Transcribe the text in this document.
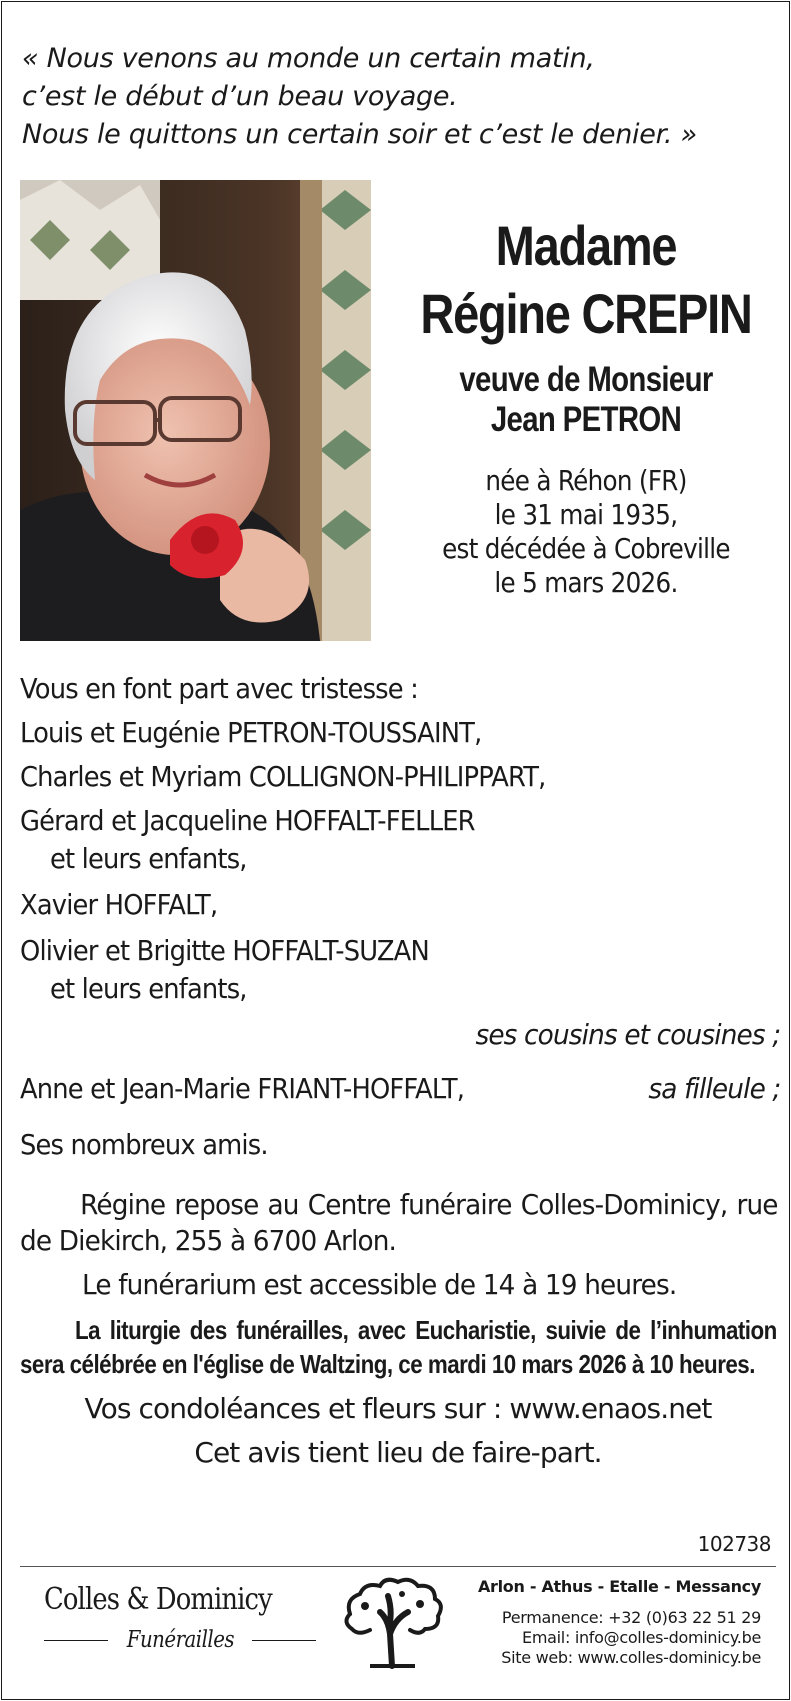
« Nous venons au monde un certain matin,
c’est le début d’un beau voyage.
Nous le quittons un certain soir et c’est le denier. »
Madame
Régine CREPIN
veuve de Monsieur
Jean PETRON
née à Réhon (FR)
le 31 mai 1935,
est décédée à Cobreville
le 5 mars 2026.
Vous en font part avec tristesse :
Louis et Eugénie PETRON-TOUSSAINT,
Charles et Myriam COLLIGNON-PHILIPPART,
Gérard et Jacqueline HOFFALT-FELLER
et leurs enfants,
Xavier HOFFALT,
Olivier et Brigitte HOFFALT-SUZAN
et leurs enfants,
ses cousins et cousines ;
Anne et Jean-Marie FRIANT-HOFFALT,	sa filleule ;
Ses nombreux amis.
Régine repose au Centre funéraire Colles-Dominicy, rue de Diekirch, 255 à 6700 Arlon.
Le funérarium est accessible de 14 à 19 heures.
La liturgie des funérailles, avec Eucharistie, suivie de l’inhumation sera célébrée en l'église de Waltzing, ce mardi 10 mars 2026 à 10 heures.
Vos condoléances et fleurs sur : www.enaos.net
Cet avis tient lieu de faire-part.
102738
Colles & Dominicy
Funérailles
Arlon - Athus - Etalle - Messancy
Permanence: +32 (0)63 22 51 29
Email: info@colles-dominicy.be
Site web: www.colles-dominicy.be
